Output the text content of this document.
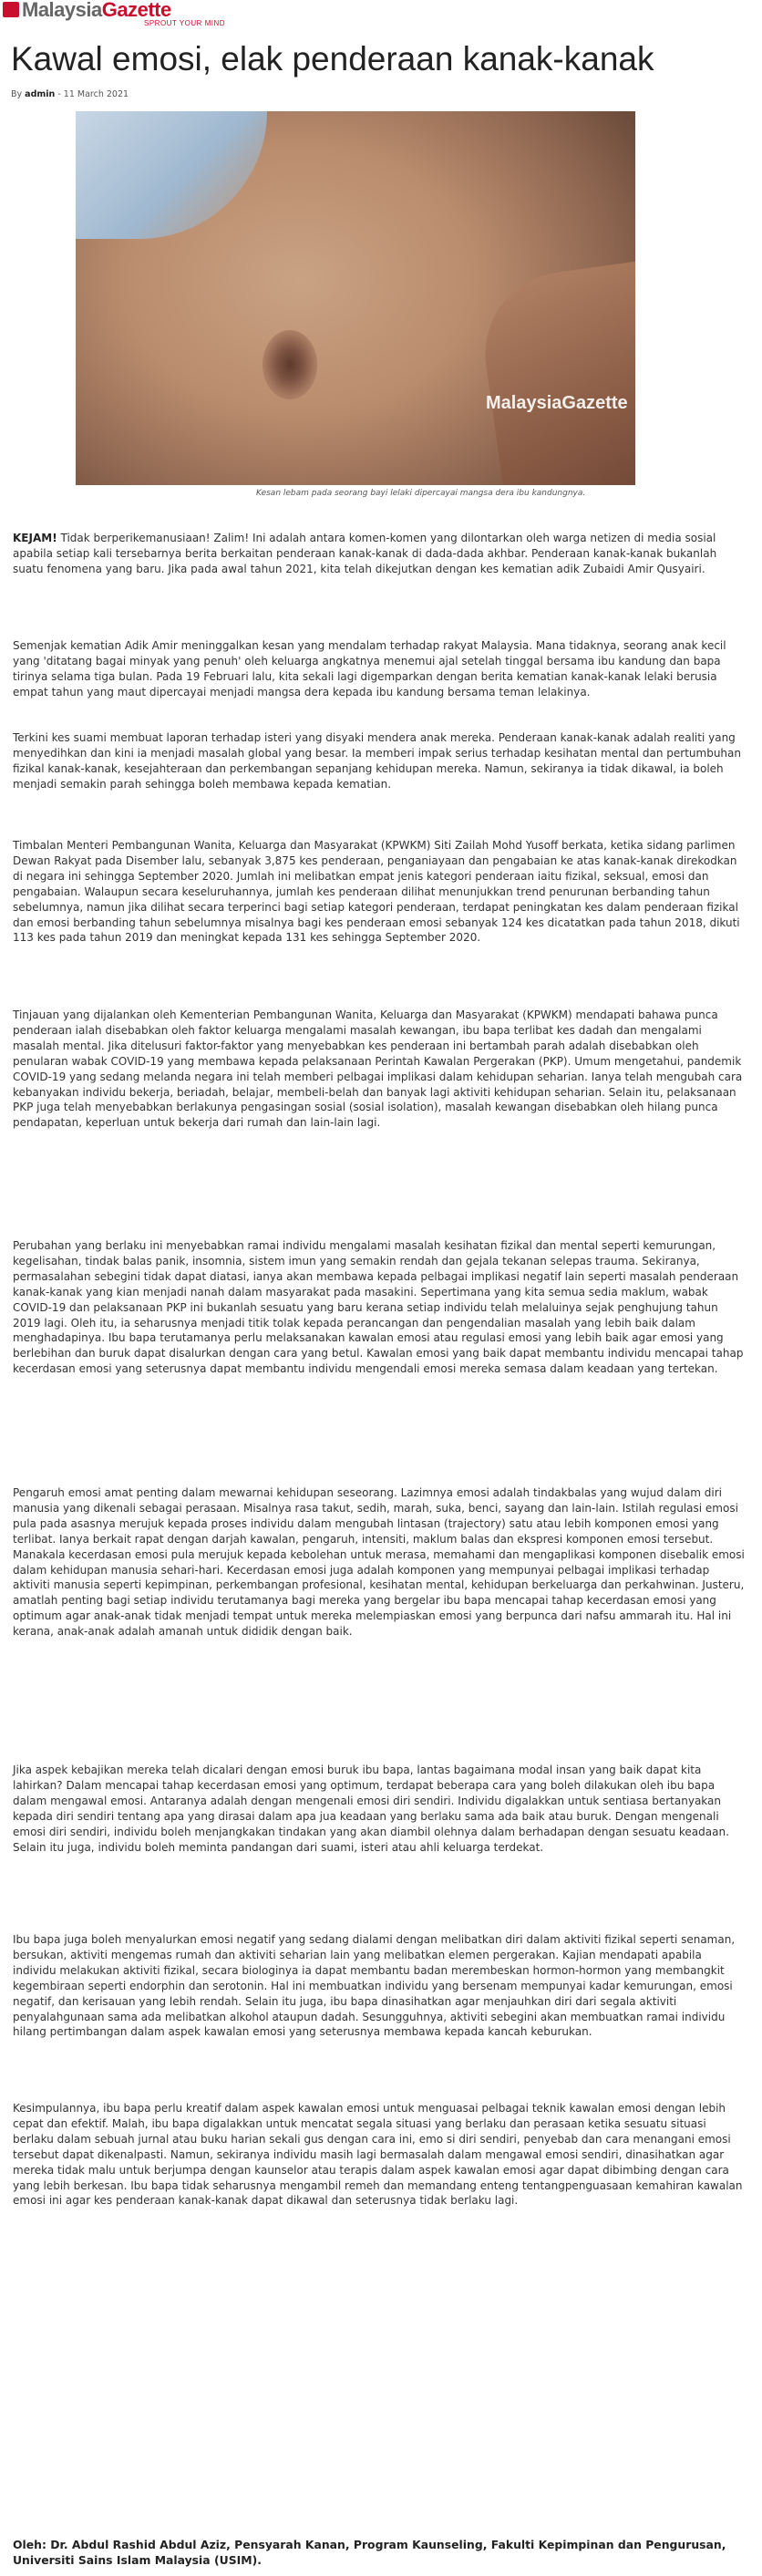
MalaysiaGazette
SPROUT YOUR MIND
Kawal emosi, elak penderaan kanak-kanak
By admin - 11 March 2021
MalaysiaGazette
Kesan lebam pada seorang bayi lelaki dipercayai mangsa dera ibu kandungnya.

KEJAM! Tidak berperikemanusiaan! Zalim! Ini adalah antara komen-komen yang dilontarkan oleh warga netizen di media sosial apabila setiap kali tersebarnya berita berkaitan penderaan kanak-kanak di dada-dada akhbar. Penderaan kanak-kanak bukanlah suatu fenomena yang baru. Jika pada awal tahun 2021, kita telah dikejutkan dengan kes kematian adik Zubaidi Amir Qusyairi.

Semenjak kematian Adik Amir meninggalkan kesan yang mendalam terhadap rakyat Malaysia. Mana tidaknya, seorang anak kecil yang 'ditatang bagai minyak yang penuh' oleh keluarga angkatnya menemui ajal setelah tinggal bersama ibu kandung dan bapa tirinya selama tiga bulan. Pada 19 Februari lalu, kita sekali lagi digemparkan dengan berita kematian kanak-kanak lelaki berusia empat tahun yang maut dipercayai menjadi mangsa dera kepada ibu kandung bersama teman lelakinya.

Terkini kes suami membuat laporan terhadap isteri yang disyaki mendera anak mereka. Penderaan kanak-kanak adalah realiti yang menyedihkan dan kini ia menjadi masalah global yang besar. Ia memberi impak serius terhadap kesihatan mental dan pertumbuhan fizikal kanak-kanak, kesejahteraan dan perkembangan sepanjang kehidupan mereka. Namun, sekiranya ia tidak dikawal, ia boleh menjadi semakin parah sehingga boleh membawa kepada kematian.

Timbalan Menteri Pembangunan Wanita, Keluarga dan Masyarakat (KPWKM) Siti Zailah Mohd Yusoff berkata, ketika sidang parlimen Dewan Rakyat pada Disember lalu, sebanyak 3,875 kes penderaan, penganiayaan dan pengabaian ke atas kanak-kanak direkodkan di negara ini sehingga September 2020. Jumlah ini melibatkan empat jenis kategori penderaan iaitu fizikal, seksual, emosi dan pengabaian. Walaupun secara keseluruhannya, jumlah kes penderaan dilihat menunjukkan trend penurunan berbanding tahun sebelumnya, namun jika dilihat secara terperinci bagi setiap kategori penderaan, terdapat peningkatan kes dalam penderaan fizikal dan emosi berbanding tahun sebelumnya misalnya bagi kes penderaan emosi sebanyak 124 kes dicatatkan pada tahun 2018, dikuti 113 kes pada tahun 2019 dan meningkat kepada 131 kes sehingga September 2020.

Tinjauan yang dijalankan oleh Kementerian Pembangunan Wanita, Keluarga dan Masyarakat (KPWKM) mendapati bahawa punca penderaan ialah disebabkan oleh faktor keluarga mengalami masalah kewangan, ibu bapa terlibat kes dadah dan mengalami masalah mental. Jika ditelusuri faktor-faktor yang menyebabkan kes penderaan ini bertambah parah adalah disebabkan oleh penularan wabak COVID-19 yang membawa kepada pelaksanaan Perintah Kawalan Pergerakan (PKP). Umum mengetahui, pandemik COVID-19 yang sedang melanda negara ini telah memberi pelbagai implikasi dalam kehidupan seharian. Ianya telah mengubah cara kebanyakan individu bekerja, beriadah, belajar, membeli-belah dan banyak lagi aktiviti kehidupan seharian. Selain itu, pelaksanaan PKP juga telah menyebabkan berlakunya pengasingan sosial (sosial isolation), masalah kewangan disebabkan oleh hilang punca pendapatan, keperluan untuk bekerja dari rumah dan lain-lain lagi.

Perubahan yang berlaku ini menyebabkan ramai individu mengalami masalah kesihatan fizikal dan mental seperti kemurungan, kegelisahan, tindak balas panik, insomnia, sistem imun yang semakin rendah dan gejala tekanan selepas trauma. Sekiranya, permasalahan sebegini tidak dapat diatasi, ianya akan membawa kepada pelbagai implikasi negatif lain seperti masalah penderaan kanak-kanak yang kian menjadi nanah dalam masyarakat pada masakini. Sepertimana yang kita semua sedia maklum, wabak COVID-19 dan pelaksanaan PKP ini bukanlah sesuatu yang baru kerana setiap individu telah melaluinya sejak penghujung tahun 2019 lagi. Oleh itu, ia seharusnya menjadi titik tolak kepada perancangan dan pengendalian masalah yang lebih baik dalam menghadapinya. Ibu bapa terutamanya perlu melaksanakan kawalan emosi atau regulasi emosi yang lebih baik agar emosi yang berlebihan dan buruk dapat disalurkan dengan cara yang betul. Kawalan emosi yang baik dapat membantu individu mencapai tahap kecerdasan emosi yang seterusnya dapat membantu individu mengendali emosi mereka semasa dalam keadaan yang tertekan.

Pengaruh emosi amat penting dalam mewarnai kehidupan seseorang. Lazimnya emosi adalah tindakbalas yang wujud dalam diri manusia yang dikenali sebagai perasaan. Misalnya rasa takut, sedih, marah, suka, benci, sayang dan lain-lain. Istilah regulasi emosi pula pada asasnya merujuk kepada proses individu dalam mengubah lintasan (trajectory) satu atau lebih komponen emosi yang terlibat. Ianya berkait rapat dengan darjah kawalan, pengaruh, intensiti, maklum balas dan ekspresi komponen emosi tersebut. Manakala kecerdasan emosi pula merujuk kepada kebolehan untuk merasa, memahami dan mengaplikasi komponen disebalik emosi dalam kehidupan manusia sehari-hari. Kecerdasan emosi juga adalah komponen yang mempunyai pelbagai implikasi terhadap aktiviti manusia seperti kepimpinan, perkembangan profesional, kesihatan mental, kehidupan berkeluarga dan perkahwinan. Justeru, amatlah penting bagi setiap individu terutamanya bagi mereka yang bergelar ibu bapa mencapai tahap kecerdasan emosi yang optimum agar anak-anak tidak menjadi tempat untuk mereka melempiaskan emosi yang berpunca dari nafsu ammarah itu. Hal ini kerana, anak-anak adalah amanah untuk dididik dengan baik.

Jika aspek kebajikan mereka telah dicalari dengan emosi buruk ibu bapa, lantas bagaimana modal insan yang baik dapat kita lahirkan? Dalam mencapai tahap kecerdasan emosi yang optimum, terdapat beberapa cara yang boleh dilakukan oleh ibu bapa dalam mengawal emosi. Antaranya adalah dengan mengenali emosi diri sendiri. Individu digalakkan untuk sentiasa bertanyakan kepada diri sendiri tentang apa yang dirasai dalam apa jua keadaan yang berlaku sama ada baik atau buruk. Dengan mengenali emosi diri sendiri, individu boleh menjangkakan tindakan yang akan diambil olehnya dalam berhadapan dengan sesuatu keadaan. Selain itu juga, individu boleh meminta pandangan dari suami, isteri atau ahli keluarga terdekat.

Ibu bapa juga boleh menyalurkan emosi negatif yang sedang dialami dengan melibatkan diri dalam aktiviti fizikal seperti senaman, bersukan, aktiviti mengemas rumah dan aktiviti seharian lain yang melibatkan elemen pergerakan. Kajian mendapati apabila individu melakukan aktiviti fizikal, secara biologinya ia dapat membantu badan merembeskan hormon-hormon yang membangkit kegembiraan seperti endorphin dan serotonin. Hal ini membuatkan individu yang bersenam mempunyai kadar kemurungan, emosi negatif, dan kerisauan yang lebih rendah. Selain itu juga, ibu bapa dinasihatkan agar menjauhkan diri dari segala aktiviti penyalahgunaan sama ada melibatkan alkohol ataupun dadah. Sesungguhnya, aktiviti sebegini akan membuatkan ramai individu hilang pertimbangan dalam aspek kawalan emosi yang seterusnya membawa kepada kancah keburukan.

Kesimpulannya, ibu bapa perlu kreatif dalam aspek kawalan emosi untuk menguasai pelbagai teknik kawalan emosi dengan lebih cepat dan efektif. Malah, ibu bapa digalakkan untuk mencatat segala situasi yang berlaku dan perasaan ketika sesuatu situasi berlaku dalam sebuah jurnal atau buku harian sekali gus dengan cara ini, emo si diri sendiri, penyebab dan cara menangani emosi tersebut dapat dikenalpasti. Namun, sekiranya individu masih lagi bermasalah dalam mengawal emosi sendiri, dinasihatkan agar mereka tidak malu untuk berjumpa dengan kaunselor atau terapis dalam aspek kawalan emosi agar dapat dibimbing dengan cara yang lebih berkesan. Ibu bapa tidak seharusnya mengambil remeh dan memandang enteng tentangpenguasaan kemahiran kawalan emosi ini agar kes penderaan kanak-kanak dapat dikawal dan seterusnya tidak berlaku lagi.

Oleh: Dr. Abdul Rashid Abdul Aziz, Pensyarah Kanan, Program Kaunseling, Fakulti Kepimpinan dan Pengurusan, Universiti Sains Islam Malaysia (USIM).
